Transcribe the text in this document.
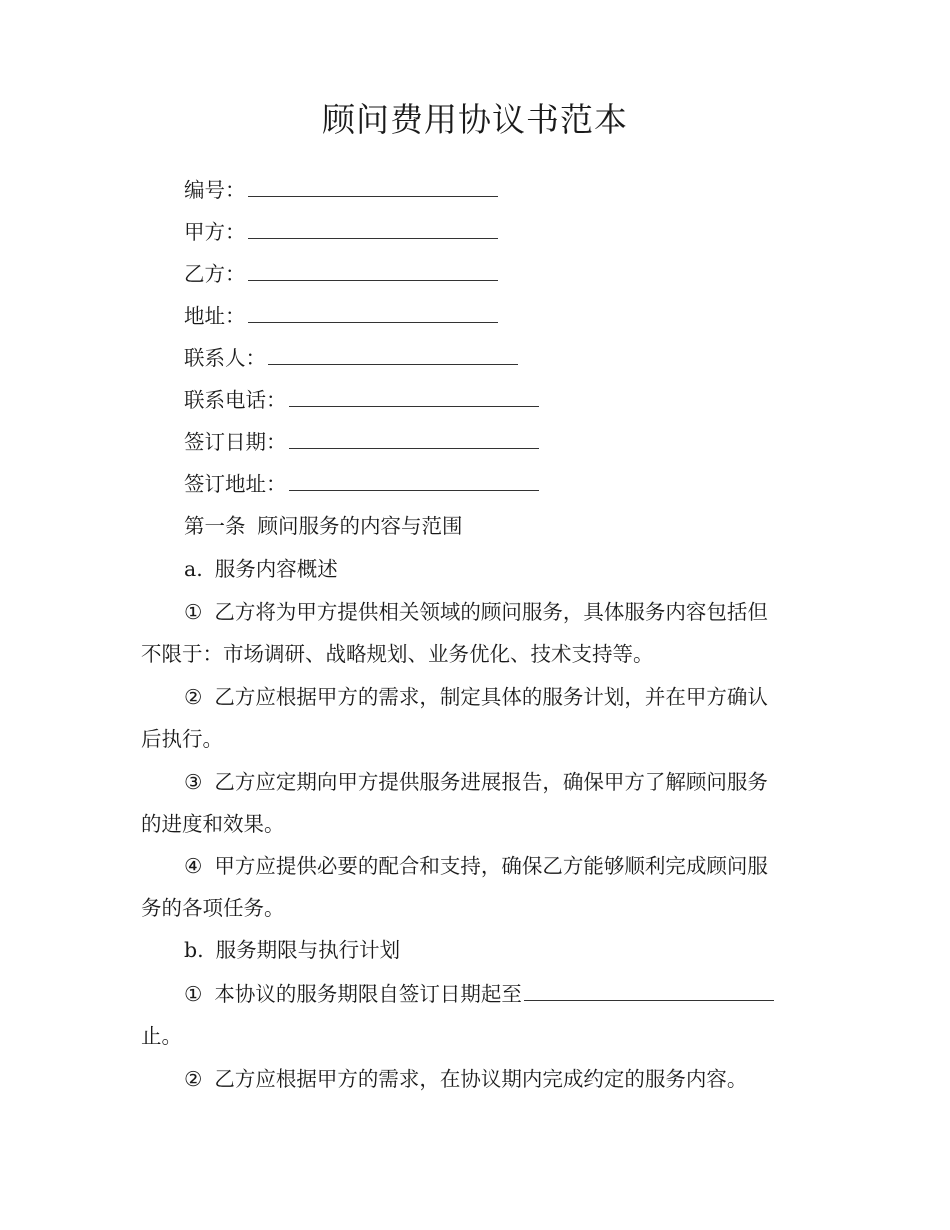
顾问费用协议书范本
编号：
甲方：
乙方：
地址：
联系人：
联系电话：
签订日期：
签订地址：
第一条 顾问服务的内容与范围
a. 服务内容概述
① 乙方将为甲方提供相关领域的顾问服务，具体服务内容包括但
不限于：市场调研、战略规划、业务优化、技术支持等。
② 乙方应根据甲方的需求，制定具体的服务计划，并在甲方确认
后执行。
③ 乙方应定期向甲方提供服务进展报告，确保甲方了解顾问服务
的进度和效果。
④ 甲方应提供必要的配合和支持，确保乙方能够顺利完成顾问服
务的各项任务。
b. 服务期限与执行计划
① 本协议的服务期限自签订日期起至
止。
② 乙方应根据甲方的需求，在协议期内完成约定的服务内容。
